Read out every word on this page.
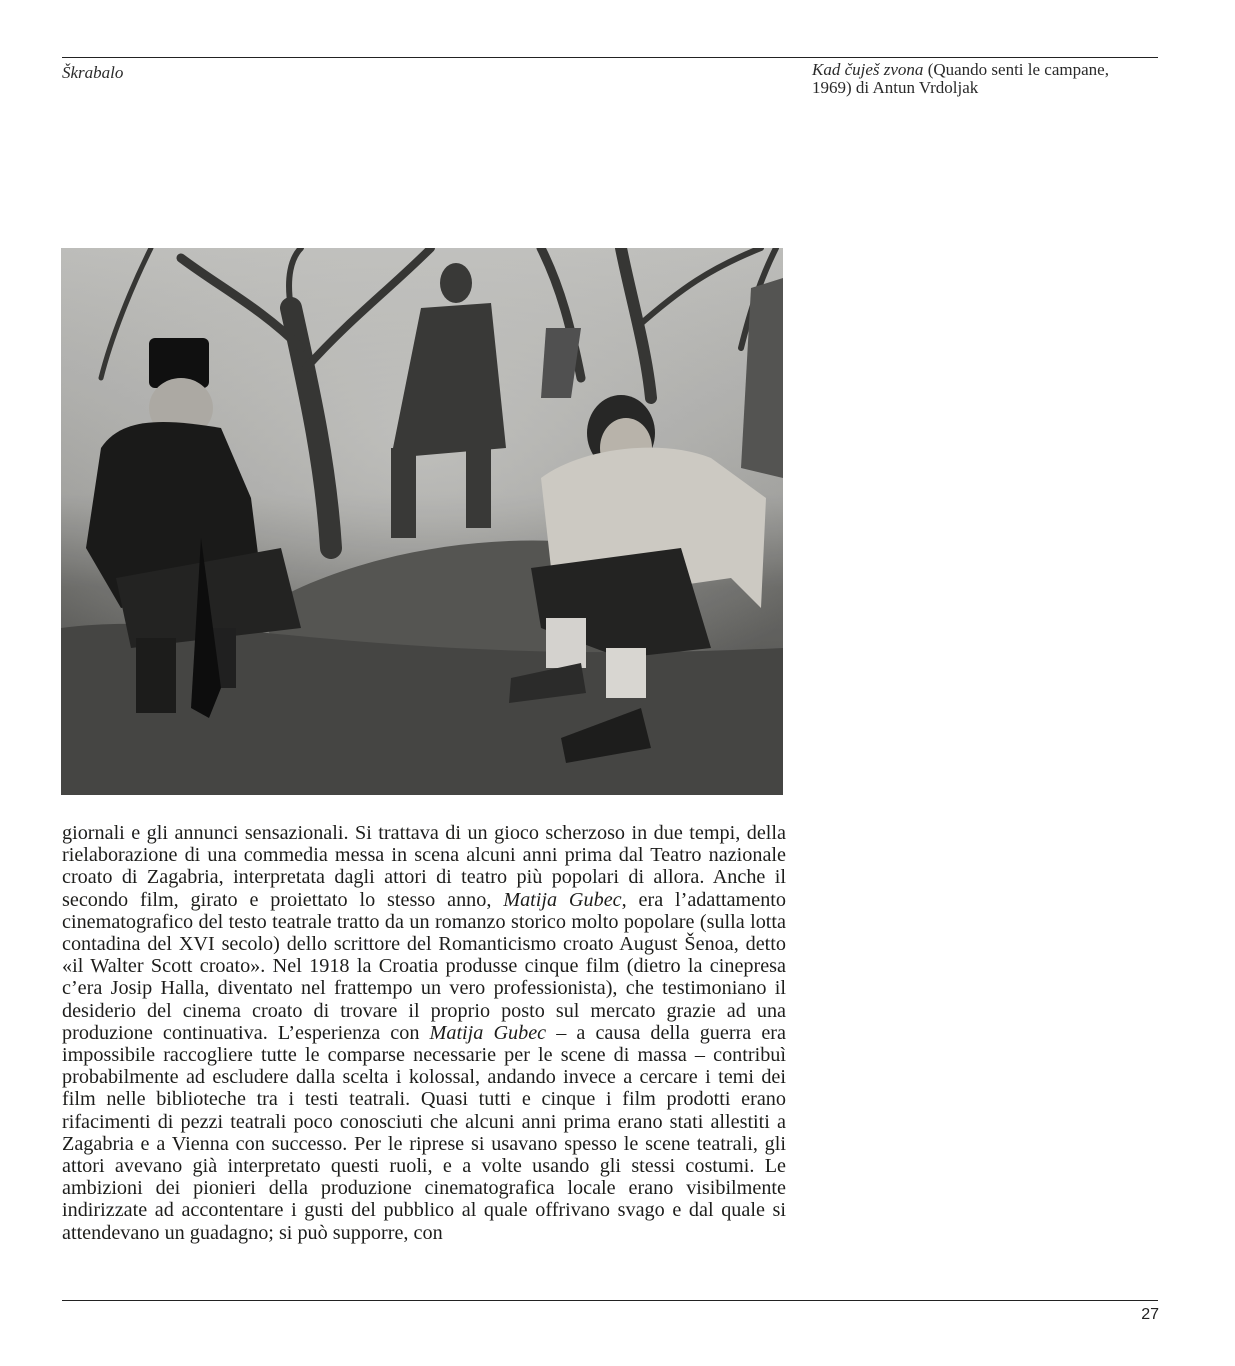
Škrabalo	Kad čuješ zvona (Quando senti le campane, 1969) di Antun Vrdoljak

giornali e gli annunci sensazionali. Si trattava di un gioco scherzoso in due tempi, della rielaborazione di una commedia messa in scena alcuni anni prima dal Teatro nazionale croato di Zagabria, interpretata dagli attori di teatro più popolari di allora. Anche il secondo film, girato e proiettato lo stesso anno, Matija Gubec, era l’adattamento cinematografico del testo teatrale tratto da un romanzo storico molto popolare (sulla lotta contadina del XVI secolo) dello scrittore del Romanticismo croato August Šenoa, detto «il Walter Scott croato». Nel 1918 la Croatia produsse cinque film (dietro la cinepresa c’era Josip Halla, diventato nel frattempo un vero professionista), che testimoniano il desiderio del cinema croato di trovare il proprio posto sul mercato grazie ad una produzione continuativa. L’esperienza con Matija Gubec – a causa della guerra era impossibile raccogliere tutte le comparse necessarie per le scene di massa – contribuì probabilmente ad escludere dalla scelta i kolossal, andando invece a cercare i temi dei film nelle biblioteche tra i testi teatrali. Quasi tutti e cinque i film prodotti erano rifacimenti di pezzi teatrali poco conosciuti che alcuni anni prima erano stati allestiti a Zagabria e a Vienna con successo. Per le riprese si usavano spesso le scene teatrali, gli attori avevano già interpretato questi ruoli, e a volte usando gli stessi costumi. Le ambizioni dei pionieri della produzione cinematografica locale erano visibilmente indirizzate ad accontentare i gusti del pubblico al quale offrivano svago e dal quale si attendevano un guadagno; si può supporre, con

27
